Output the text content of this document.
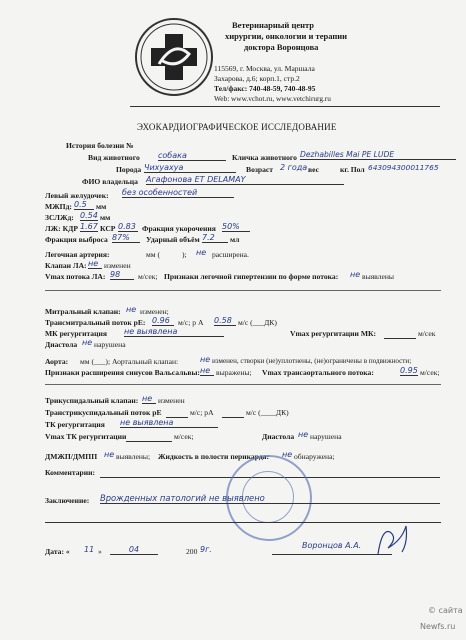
Ветеринарный центр
хирургии, онкологии и терапии
доктора Воронцова
115569, г. Москва, ул. Маршала
Захарова, д.6; корп.1, стр.2
Тел/факс: 740-48-59, 740-48-95
Web: www.vchot.ru, www.vetchirurg.ru
ЭХОКАРДИОГРАФИЧЕСКОЕ ИССЛЕДОВАНИЕ
История болезни №
Вид животного собака	Кличка животного Dezhabilles Mai PE LUDE
Порода Чихуахуа	Возраст 2 года вес	кг. Пол 643094300011765
ФИО владельца Агафонова ЕТ DELAMAY
Левый желудочек: без особенностей
МЖПд: 0.5	мм
ЗСЛЖд: 0.54 мм
ЛЖ: КДР 1.67 КСР 0.83 Фракция укорочения 50%
Фракция выброса 87%	Ударный объём 7.2	мл
Легочная артерия:	мм (	); не расширена.
Клапан ЛА: не изменен
Vmax потока ЛА: 98	м/сек; Признаки легочной гипертензии по форме потока: не выявлены
Митральный клапан: не изменен;
Трансмитральный поток рЕ: 0.96	м/с; р А 0.58 м/с (___ДК)
МК регургитация не выявлена	Vmax регургитации МК:	м/сек
Диастола не нарушена
Аорта: мм (___); Аортальный клапан:	не изменен, створки (не)уплотнены, (не)ограничены в подвижности;
Признаки расширения синусов Вальсальвы: не выражены; Vmax трансаортального потока:	0.95 м/сек;
Трикуспидальный клапан: не изменен
Транстрикуспидальный поток рЕ	м/с; рА	м/с (____ДК)
ТК регургитация не выявлена
Vmax ТК регургитации	м/сек;	Диастола не нарушена
ДМЖП/ДМПП не выявлены; Жидкость в полости перикарда: не обнаружена;
Комментарии:
Заключение: Врожденных патологий не выявлено
Дата: « 11 »	04	200 9г.	Воронцов А.А.
© сайта
Newfs.ru
